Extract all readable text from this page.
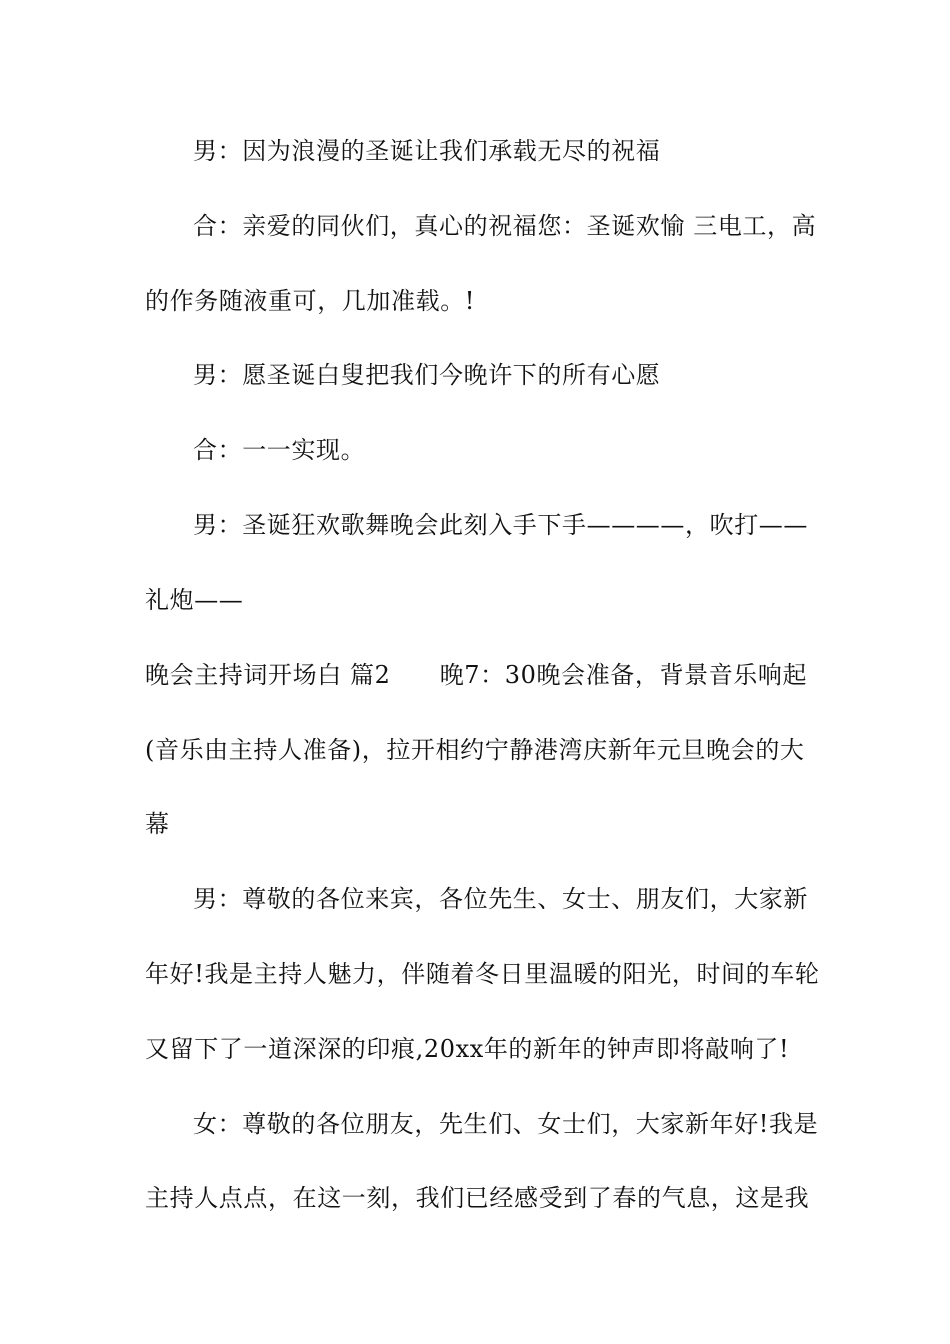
男：因为浪漫的圣诞让我们承载无尽的祝福
合：亲爱的同伙们，真心的祝福您：圣诞欢愉 三电工，高
的作务随液重可，几加准载。!
男：愿圣诞白叟把我们今晚许下的所有心愿
合：一一实现。
男：圣诞狂欢歌舞晚会此刻入手下手————，吹打——
礼炮——
晚会主持词开场白 篇2　　晚7：30晚会准备，背景音乐响起
(音乐由主持人准备)，拉开相约宁静港湾庆新年元旦晚会的大
幕
男：尊敬的各位来宾，各位先生、女士、朋友们，大家新
年好!我是主持人魅力，伴随着冬日里温暖的阳光，时间的车轮
又留下了一道深深的印痕,20xx年的新年的钟声即将敲响了!
女：尊敬的各位朋友，先生们、女士们，大家新年好!我是
主持人点点，在这一刻，我们已经感受到了春的气息，这是我
